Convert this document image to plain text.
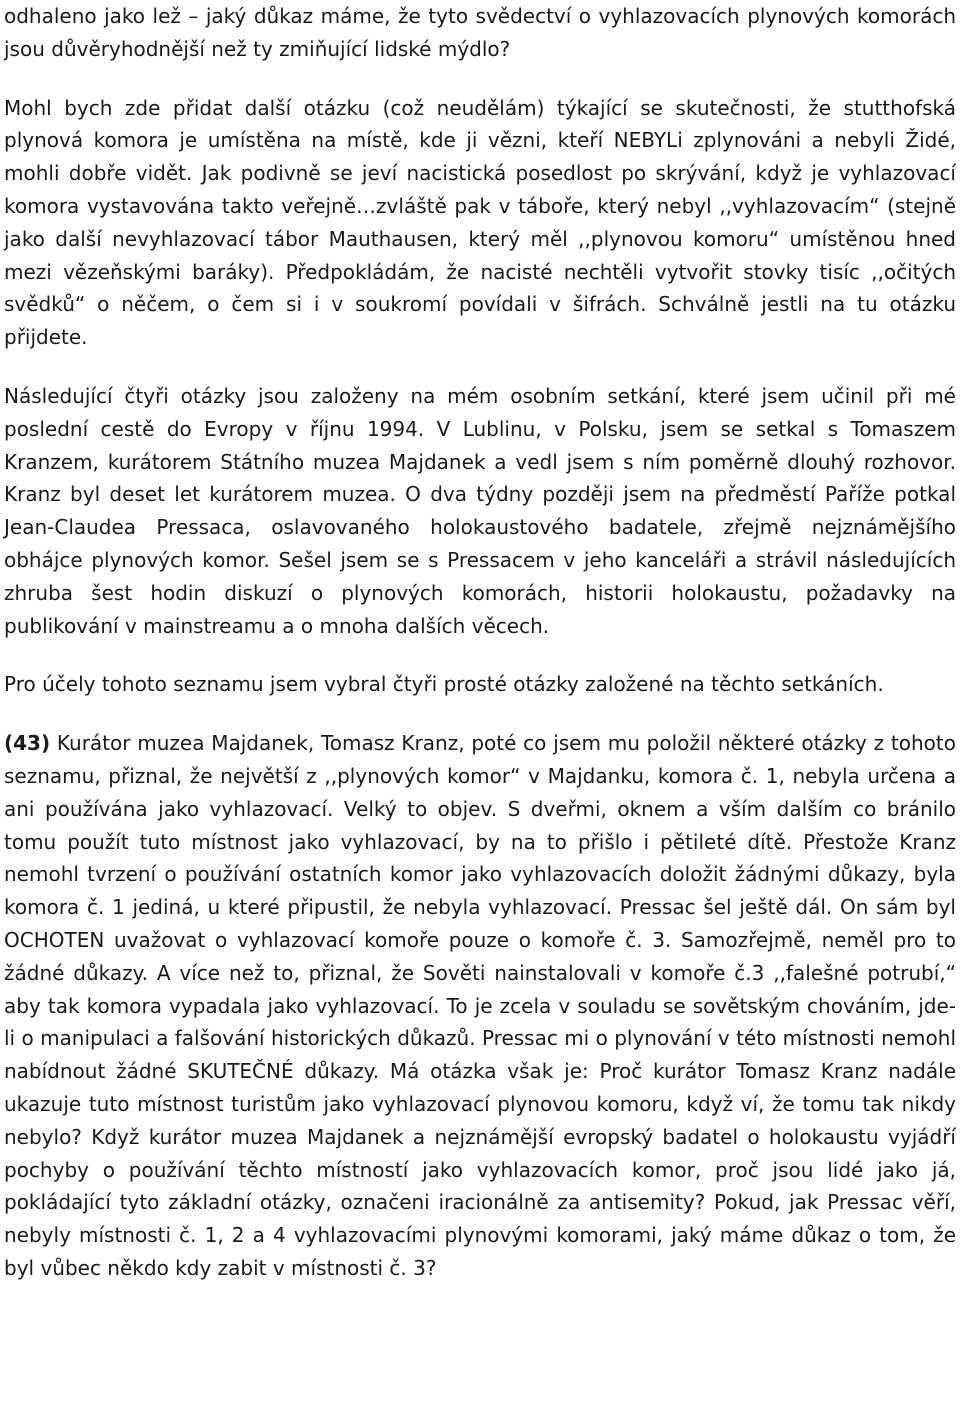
odhaleno jako lež – jaký důkaz máme, že tyto svědectví o vyhlazovacích plynových komorách jsou důvěryhodnější než ty zmiňující lidské mýdlo?

Mohl bych zde přidat další otázku (což neudělám) týkající se skutečnosti, že stutthofská plynová komora je umístěna na místě, kde ji vězni, kteří NEBYLi zplynováni a nebyli Židé, mohli dobře vidět. Jak podivně se jeví nacistická posedlost po skrývání, když je vyhlazovací komora vystavována takto veřejně…zvláště pak v táboře, který nebyl ,,vyhlazovacím“ (stejně jako další nevyhlazovací tábor Mauthausen, který měl ,,plynovou komoru“ umístěnou hned mezi vězeňskými baráky). Předpokládám, že nacisté nechtěli vytvořit stovky tisíc ,,očitých svědků“ o něčem, o čem si i v soukromí povídali v šifrách. Schválně jestli na tu otázku přijdete.

Následující čtyři otázky jsou založeny na mém osobním setkání, které jsem učinil při mé poslední cestě do Evropy v říjnu 1994. V Lublinu, v Polsku, jsem se setkal s Tomaszem Kranzem, kurátorem Státního muzea Majdanek a vedl jsem s ním poměrně dlouhý rozhovor. Kranz byl deset let kurátorem muzea. O dva týdny později jsem na předměstí Paříže potkal Jean-Claudea Pressaca, oslavovaného holokaustového badatele, zřejmě nejznámějšího obhájce plynových komor. Sešel jsem se s Pressacem v jeho kanceláři a strávil následujících zhruba šest hodin diskuzí o plynových komorách, historii holokaustu, požadavky na publikování v mainstreamu a o mnoha dalších věcech.

Pro účely tohoto seznamu jsem vybral čtyři prosté otázky založené na těchto setkáních.

(43) Kurátor muzea Majdanek, Tomasz Kranz, poté co jsem mu položil některé otázky z tohoto seznamu, přiznal, že největší z ,,plynových komor“ v Majdanku, komora č. 1, nebyla určena a ani používána jako vyhlazovací. Velký to objev. S dveřmi, oknem a vším dalším co bránilo tomu použít tuto místnost jako vyhlazovací, by na to přišlo i pětileté dítě. Přestože Kranz nemohl tvrzení o používání ostatních komor jako vyhlazovacích doložit žádnými důkazy, byla komora č. 1 jediná, u které připustil, že nebyla vyhlazovací. Pressac šel ještě dál. On sám byl OCHOTEN uvažovat o vyhlazovací komoře pouze o komoře č. 3. Samozřejmě, neměl pro to žádné důkazy. A více než to, přiznal, že Sověti nainstalovali v komoře č.3 ,,falešné potrubí,“ aby tak komora vypadala jako vyhlazovací. To je zcela v souladu se sovětským chováním, jde-li o manipulaci a falšování historických důkazů. Pressac mi o plynování v této místnosti nemohl nabídnout žádné SKUTEČNÉ důkazy. Má otázka však je: Proč kurátor Tomasz Kranz nadále ukazuje tuto místnost turistům jako vyhlazovací plynovou komoru, když ví, že tomu tak nikdy nebylo? Když kurátor muzea Majdanek a nejznámější evropský badatel o holokaustu vyjádří pochyby o používání těchto místností jako vyhlazovacích komor, proč jsou lidé jako já, pokládající tyto základní otázky, označeni iracionálně za antisemity? Pokud, jak Pressac věří, nebyly místnosti č. 1, 2 a 4 vyhlazovacími plynovými komorami, jaký máme důkaz o tom, že byl vůbec někdo kdy zabit v místnosti č. 3?
